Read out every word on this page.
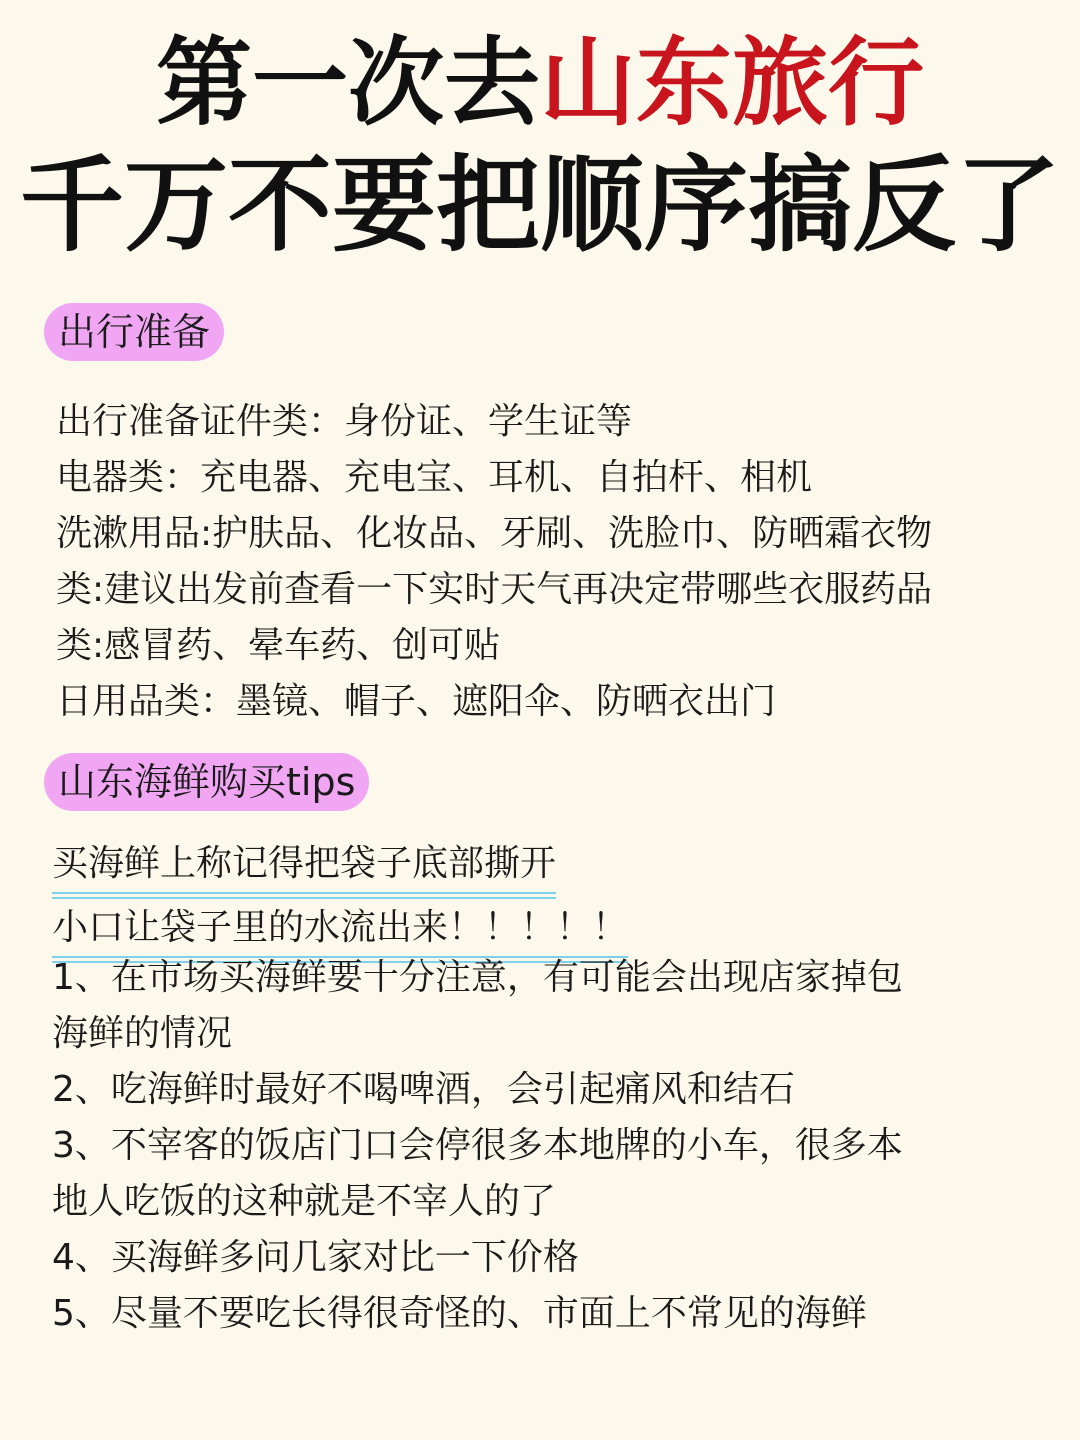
第一次去山东旅行
千万不要把顺序搞反了
出行准备
出行准备证件类：身份证、学生证等
电器类：充电器、充电宝、耳机、自拍杆、相机
洗漱用品:护肤品、化妆品、牙刷、洗脸巾、防晒霜衣物
类:建议出发前查看一下实时天气再决定带哪些衣服药品
类:感冒药、晕车药、创可贴
日用品类：墨镜、帽子、遮阳伞、防晒衣出门
山东海鲜购买tips
买海鲜上称记得把袋子底部撕开
小口让袋子里的水流出来！！！！！
1、在市场买海鲜要十分注意，有可能会出现店家掉包
海鲜的情况
2、吃海鲜时最好不喝啤酒，会引起痛风和结石
3、不宰客的饭店门口会停很多本地牌的小车，很多本
地人吃饭的这种就是不宰人的了
4、买海鲜多问几家对比一下价格
5、尽量不要吃长得很奇怪的、市面上不常见的海鲜
